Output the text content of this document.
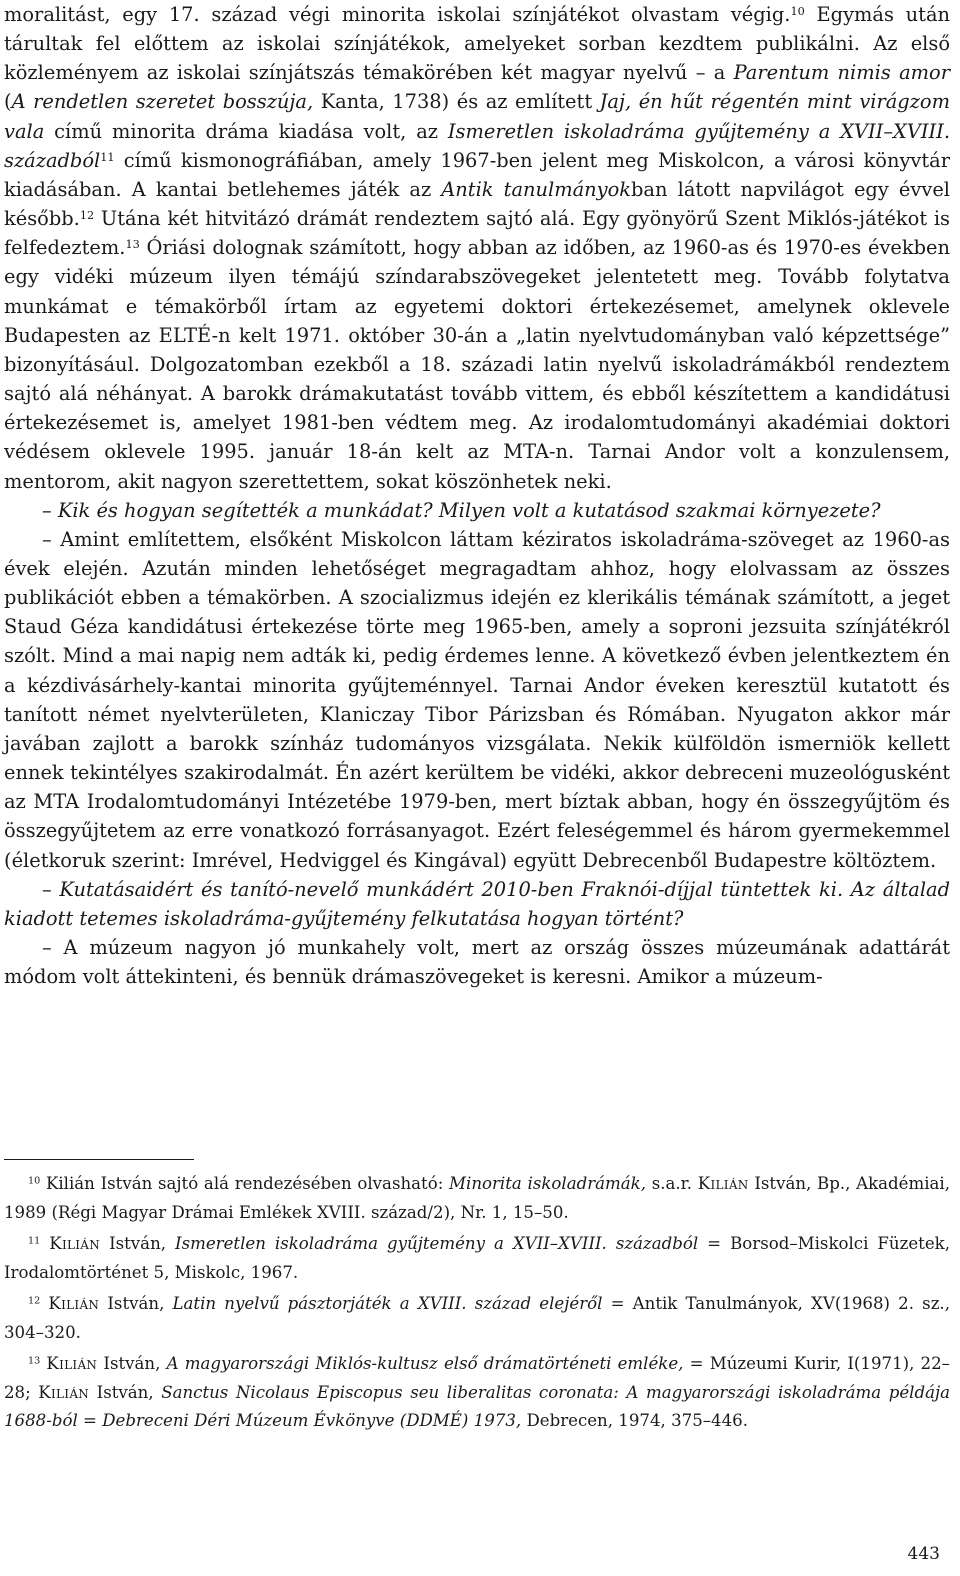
moralitást, egy 17. század végi minorita iskolai színjátékot olvastam végig.$^{10}$ Egymás után tárultak fel előttem az iskolai színjátékok, amelyeket sorban kezdtem publikálni. Az első közleményem az iskolai színjátszás témakörében két magyar nyelvű – a Parentum nimis amor (A rendetlen szeretet bosszúja, Kanta, 1738) és az említett Jaj, én hűt régentén mint virágzom vala című minorita dráma kiadása volt, az Ismeretlen iskoladráma gyűjtemény a XVII–XVIII. századból$^{11}$ című kismonográfiában, amely 1967-ben jelent meg Miskolcon, a városi könyvtár kiadásában. A kantai betlehemes játék az Antik tanulmányokban látott napvilágot egy évvel később.$^{12}$ Utána két hitvitázó drámát rendeztem sajtó alá. Egy gyönyörű Szent Miklós-játékot is felfedeztem.$^{13}$ Óriási dolognak számított, hogy abban az időben, az 1960-as és 1970-es években egy vidéki múzeum ilyen témájú színdarabszövegeket jelentetett meg. Tovább folytatva munkámat e témakörből írtam az egyetemi doktori értekezésemet, amelynek oklevele Budapesten az ELTÉ-n kelt 1971. október 30-án a „latin nyelvtudományban való képzettsége” bizonyításául. Dolgozatomban ezekből a 18. századi latin nyelvű iskoladrámákból rendeztem sajtó alá néhányat. A barokk drámakutatást tovább vittem, és ebből készítettem a kandidátusi értekezésemet is, amelyet 1981-ben védtem meg. Az irodalomtudományi akadémiai doktori védésem oklevele 1995. január 18-án kelt az MTA-n. Tarnai Andor volt a konzulensem, mentorom, akit nagyon szerettettem, sokat köszönhetek neki.

– Kik és hogyan segítették a munkádat? Milyen volt a kutatásod szakmai környezete?

– Amint említettem, elsőként Miskolcon láttam kéziratos iskoladráma-szöveget az 1960-as évek elején. Azután minden lehetőséget megragadtam ahhoz, hogy elolvassam az összes publikációt ebben a témakörben. A szocializmus idején ez klerikális témának számított, a jeget Staud Géza kandidátusi értekezése törte meg 1965-ben, amely a soproni jezsuita színjátékról szólt. Mind a mai napig nem adták ki, pedig érdemes lenne. A következő évben jelentkeztem én a kézdivásárhely-kantai minorita gyűjteménnyel. Tarnai Andor éveken keresztül kutatott és tanított német nyelvterületen, Klaniczay Tibor Párizsban és Rómában. Nyugaton akkor már javában zajlott a barokk színház tudományos vizsgálata. Nekik külföldön ismerniök kellett ennek tekintélyes szakirodalmát. Én azért kerültem be vidéki, akkor debreceni muzeológusként az MTA Irodalomtudományi Intézetébe 1979-ben, mert bíztak abban, hogy én összegyűjtöm és összegyűjtetem az erre vonatkozó forrásanyagot. Ezért feleségemmel és három gyermekemmel (életkoruk szerint: Imrével, Hedviggel és Kingával) együtt Debrecenből Budapestre költöztem.

– Kutatásaidért és tanító-nevelő munkádért 2010-ben Fraknói-díjjal tüntettek ki. Az általad kiadott tetemes iskoladráma-gyűjtemény felkutatása hogyan történt?

– A múzeum nagyon jó munkahely volt, mert az ország összes múzeumának adattárát módom volt áttekinteni, és bennük drámaszövegeket is keresni. Amikor a múzeum-

$^{10}$ Kilián István sajtó alá rendezésében olvasható: Minorita iskoladrámák, s.a.r. Kilián István, Bp., Akadémiai, 1989 (Régi Magyar Drámai Emlékek XVIII. század/2), Nr. 1, 15–50.

$^{11}$ Kilián István, Ismeretlen iskoladráma gyűjtemény a XVII–XVIII. századból = Borsod–Miskolci Füzetek, Irodalomtörténet 5, Miskolc, 1967.

$^{12}$ Kilián István, Latin nyelvű pásztorjáték a XVIII. század elejéről = Antik Tanulmányok, XV(1968) 2. sz., 304–320.

$^{13}$ Kilián István, A magyarországi Miklós-kultusz első drámatörténeti emléke, = Múzeumi Kurir, I(1971), 22–28; Kilián István, Sanctus Nicolaus Episcopus seu liberalitas coronata: A magyarországi iskoladráma példája 1688-ból = Debreceni Déri Múzeum Évkönyve (DDMÉ) 1973, Debrecen, 1974, 375–446.

443
